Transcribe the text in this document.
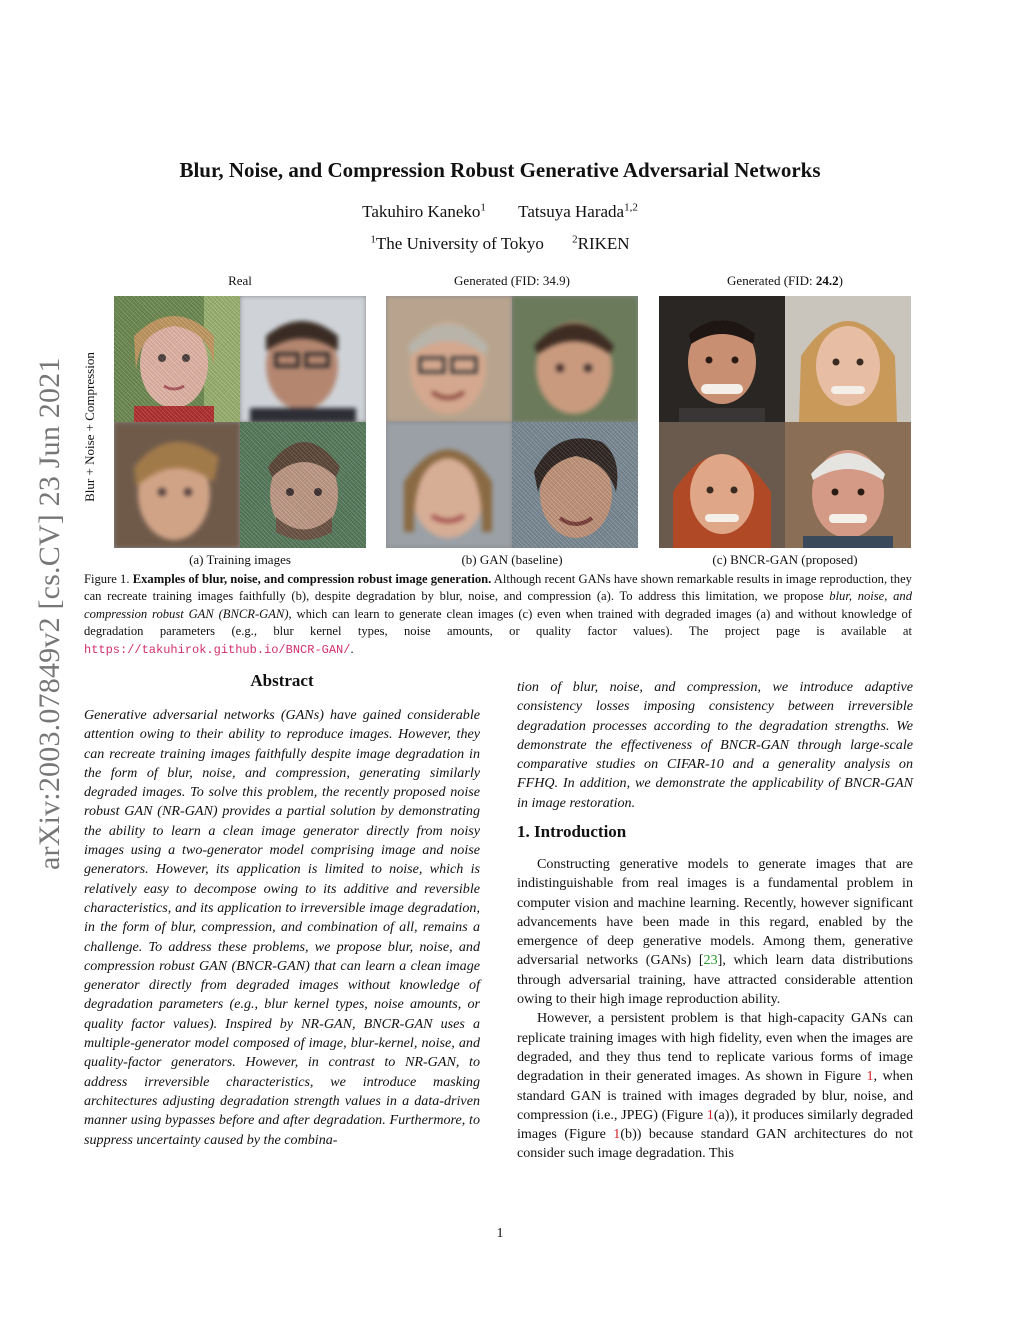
arXiv:2003.07849v2 [cs.CV] 23 Jun 2021
Blur, Noise, and Compression Robust Generative Adversarial Networks
Takuhiro Kaneko$^1$ Tatsuya Harada$^{1,2}$
$^1$The University of Tokyo	$^2$RIKEN
Real	Generated (FID: 34.9)	Generated (FID: 24.2)
Blur + Noise + Compression
(a) Training images	(b) GAN (baseline)	(c) BNCR-GAN (proposed)
Figure 1. Examples of blur, noise, and compression robust image generation. Although recent GANs have shown remarkable results in image reproduction, they can recreate training images faithfully (b), despite degradation by blur, noise, and compression (a). To address this limitation, we propose blur, noise, and compression robust GAN (BNCR-GAN), which can learn to generate clean images (c) even when trained with degraded images (a) and without knowledge of degradation parameters (e.g., blur kernel types, noise amounts, or quality factor values). The project page is available at https://takuhirok.github.io/BNCR-GAN/.
Abstract
Generative adversarial networks (GANs) have gained considerable attention owing to their ability to reproduce images. However, they can recreate training images faithfully despite image degradation in the form of blur, noise, and compression, generating similarly degraded images. To solve this problem, the recently proposed noise robust GAN (NR-GAN) provides a partial solution by demonstrating the ability to learn a clean image generator directly from noisy images using a two-generator model comprising image and noise generators. However, its application is limited to noise, which is relatively easy to decompose owing to its additive and reversible characteristics, and its application to irreversible image degradation, in the form of blur, compression, and combination of all, remains a challenge. To address these problems, we propose blur, noise, and compression robust GAN (BNCR-GAN) that can learn a clean image generator directly from degraded images without knowledge of degradation parameters (e.g., blur kernel types, noise amounts, or quality factor values). Inspired by NR-GAN, BNCR-GAN uses a multiple-generator model composed of image, blur-kernel, noise, and quality-factor generators. However, in contrast to NR-GAN, to address irreversible characteristics, we introduce masking architectures adjusting degradation strength values in a data-driven manner using bypasses before and after degradation. Furthermore, to suppress uncertainty caused by the combina-
tion of blur, noise, and compression, we introduce adaptive consistency losses imposing consistency between irreversible degradation processes according to the degradation strengths. We demonstrate the effectiveness of BNCR-GAN through large-scale comparative studies on CIFAR-10 and a generality analysis on FFHQ. In addition, we demonstrate the applicability of BNCR-GAN in image restoration.
1. Introduction

Constructing generative models to generate images that are indistinguishable from real images is a fundamental problem in computer vision and machine learning. Recently, however significant advancements have been made in this regard, enabled by the emergence of deep generative models. Among them, generative adversarial networks (GANs) [23], which learn data distributions through adversarial training, have attracted considerable attention owing to their high image reproduction ability.

However, a persistent problem is that high-capacity GANs can replicate training images with high fidelity, even when the images are degraded, and they thus tend to replicate various forms of image degradation in their generated images. As shown in Figure 1, when standard GAN is trained with images degraded by blur, noise, and compression (i.e., JPEG) (Figure 1(a)), it produces similarly degraded images (Figure 1(b)) because standard GAN architectures do not consider such image degradation. This

1
